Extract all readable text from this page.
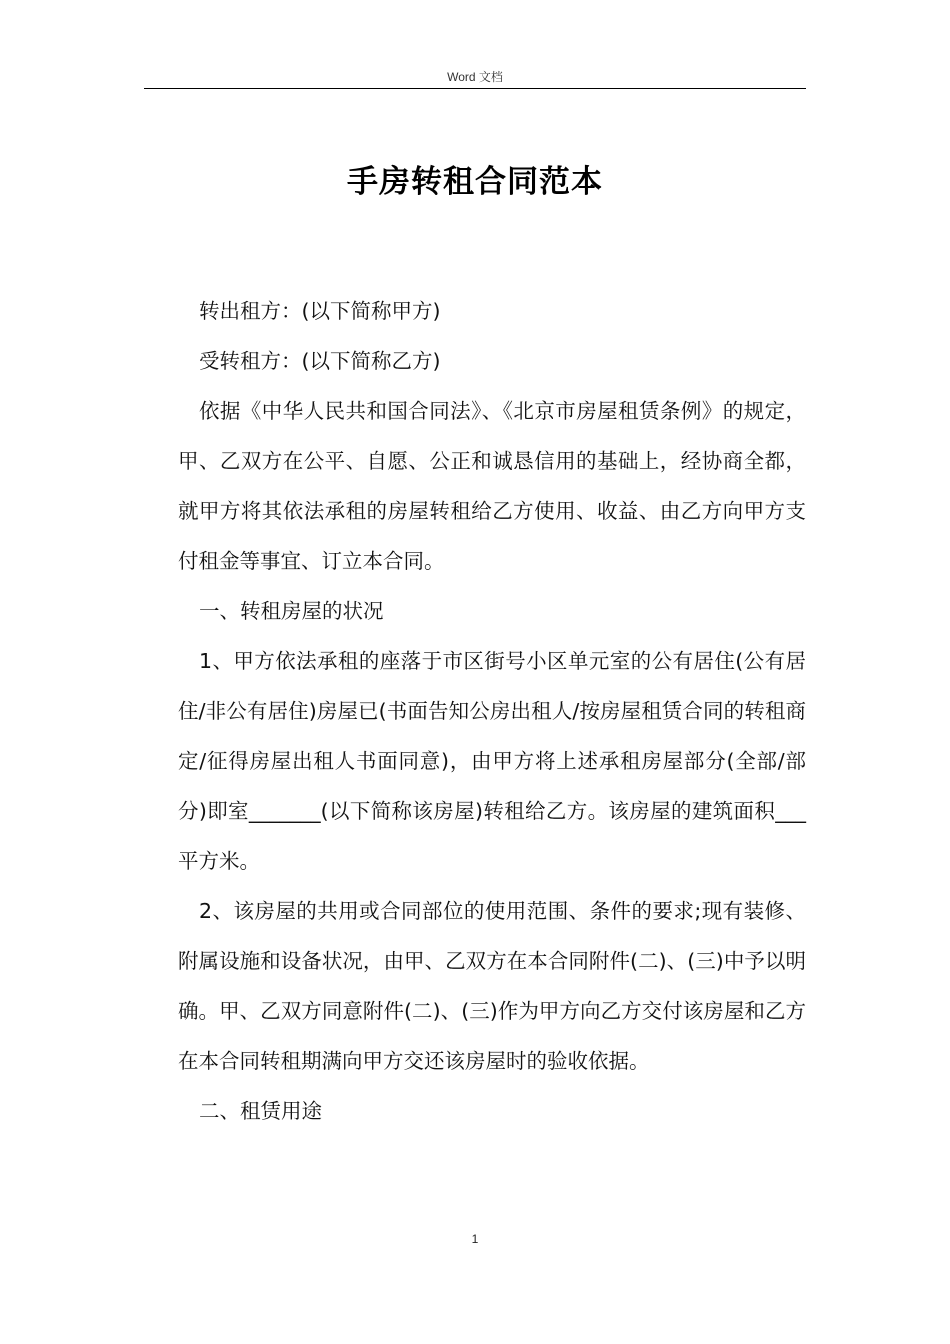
Word 文档
手房转租合同范本

转出租方：(以下简称甲方)

受转租方：(以下简称乙方)

依据《中华人民共和国合同法》、《北京市房屋租赁条例》的规定，甲、乙双方在公平、自愿、公正和诚恳信用的基础上，经协商全都，就甲方将其依法承租的房屋转租给乙方使用、收益、由乙方向甲方支付租金等事宜、订立本合同。

一、转租房屋的状况

1、甲方依法承租的座落于市区街号小区单元室的公有居住(公有居住/非公有居住)房屋已(书面告知公房出租人/按房屋租赁合同的转租商定/征得房屋出租人书面同意)，由甲方将上述承租房屋部分(全部/部分)即室_______(以下简称该房屋)转租给乙方。该房屋的建筑面积___平方米。

2、该房屋的共用或合同部位的使用范围、条件的要求;现有装修、附属设施和设备状况，由甲、乙双方在本合同附件(二)、(三)中予以明确。甲、乙双方同意附件(二)、(三)作为甲方向乙方交付该房屋和乙方在本合同转租期满向甲方交还该房屋时的验收依据。

二、租赁用途

1
